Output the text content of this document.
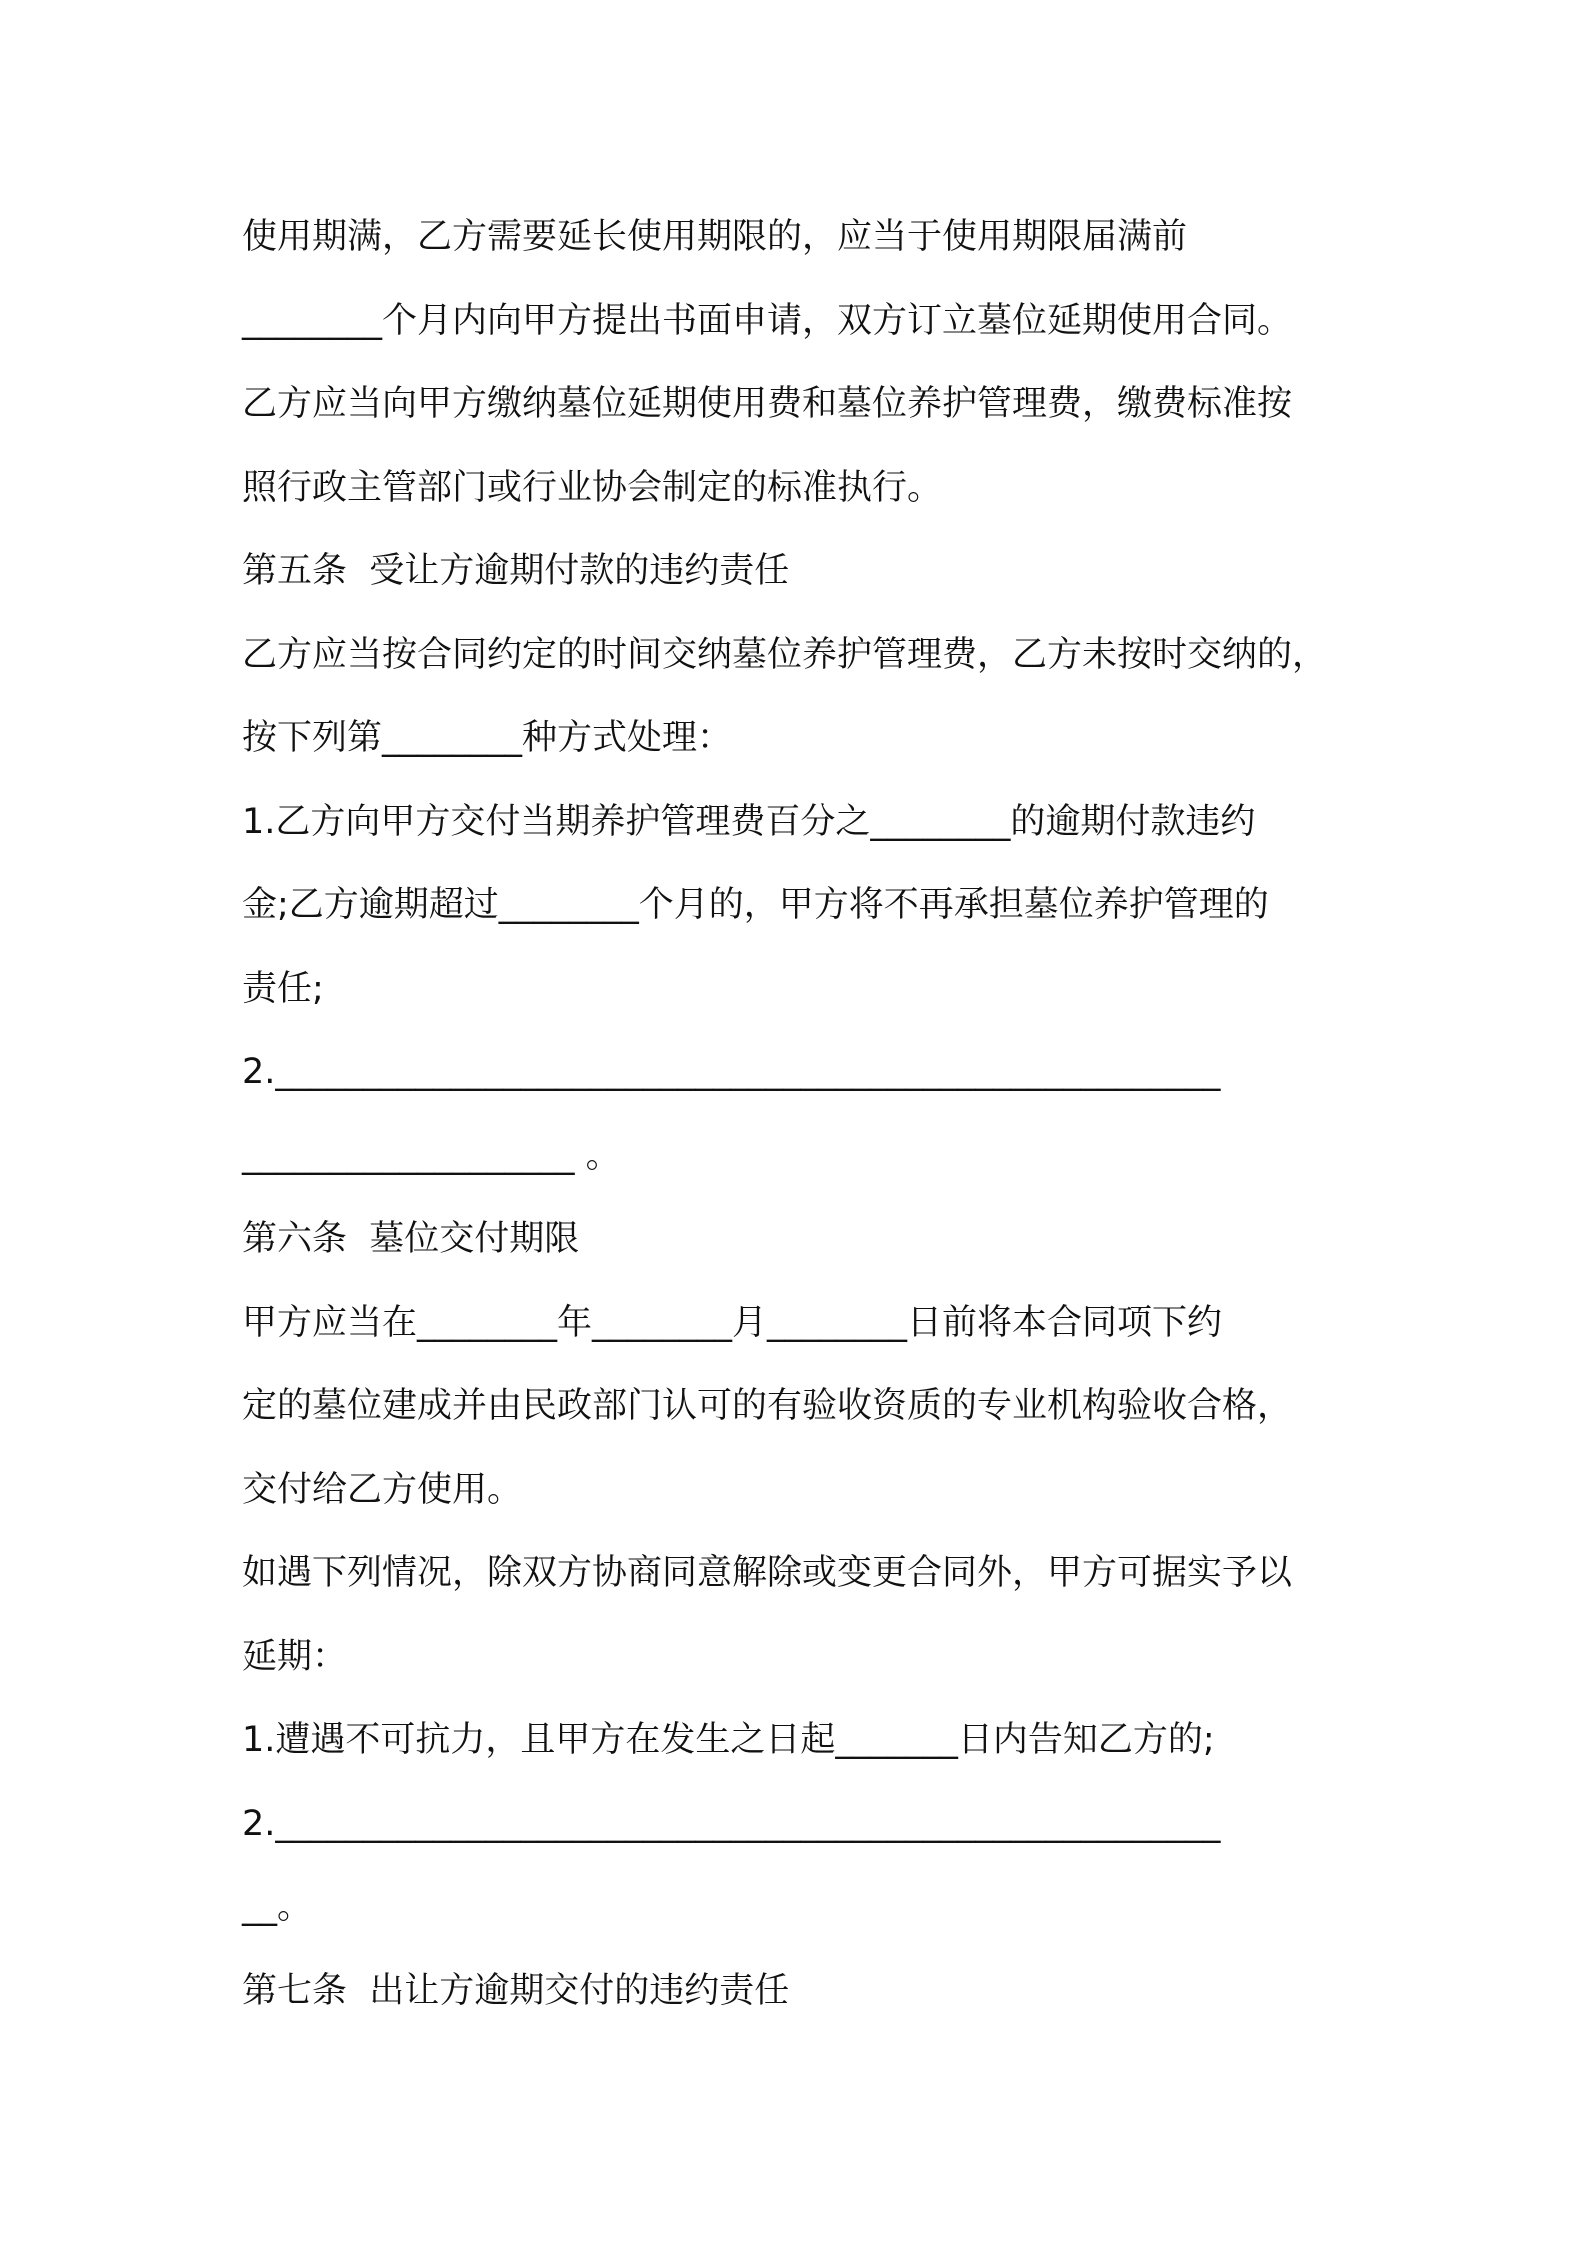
使用期满，乙方需要延长使用期限的，应当于使用期限届满前
________个月内向甲方提出书面申请，双方订立墓位延期使用合同。
乙方应当向甲方缴纳墓位延期使用费和墓位养护管理费，缴费标准按
照行政主管部门或行业协会制定的标准执行。
第五条  受让方逾期付款的违约责任
乙方应当按合同约定的时间交纳墓位养护管理费，乙方未按时交纳的，
按下列第________种方式处理：
1.乙方向甲方交付当期养护管理费百分之________的逾期付款违约
金;乙方逾期超过________个月的，甲方将不再承担墓位养护管理的
责任;
2.______________________________________________________
___________________ 。
第六条  墓位交付期限
甲方应当在________年________月________日前将本合同项下约
定的墓位建成并由民政部门认可的有验收资质的专业机构验收合格，
交付给乙方使用。
如遇下列情况，除双方协商同意解除或变更合同外，甲方可据实予以
延期：
1.遭遇不可抗力，且甲方在发生之日起_______日内告知乙方的;
2.______________________________________________________
__。
第七条  出让方逾期交付的违约责任
